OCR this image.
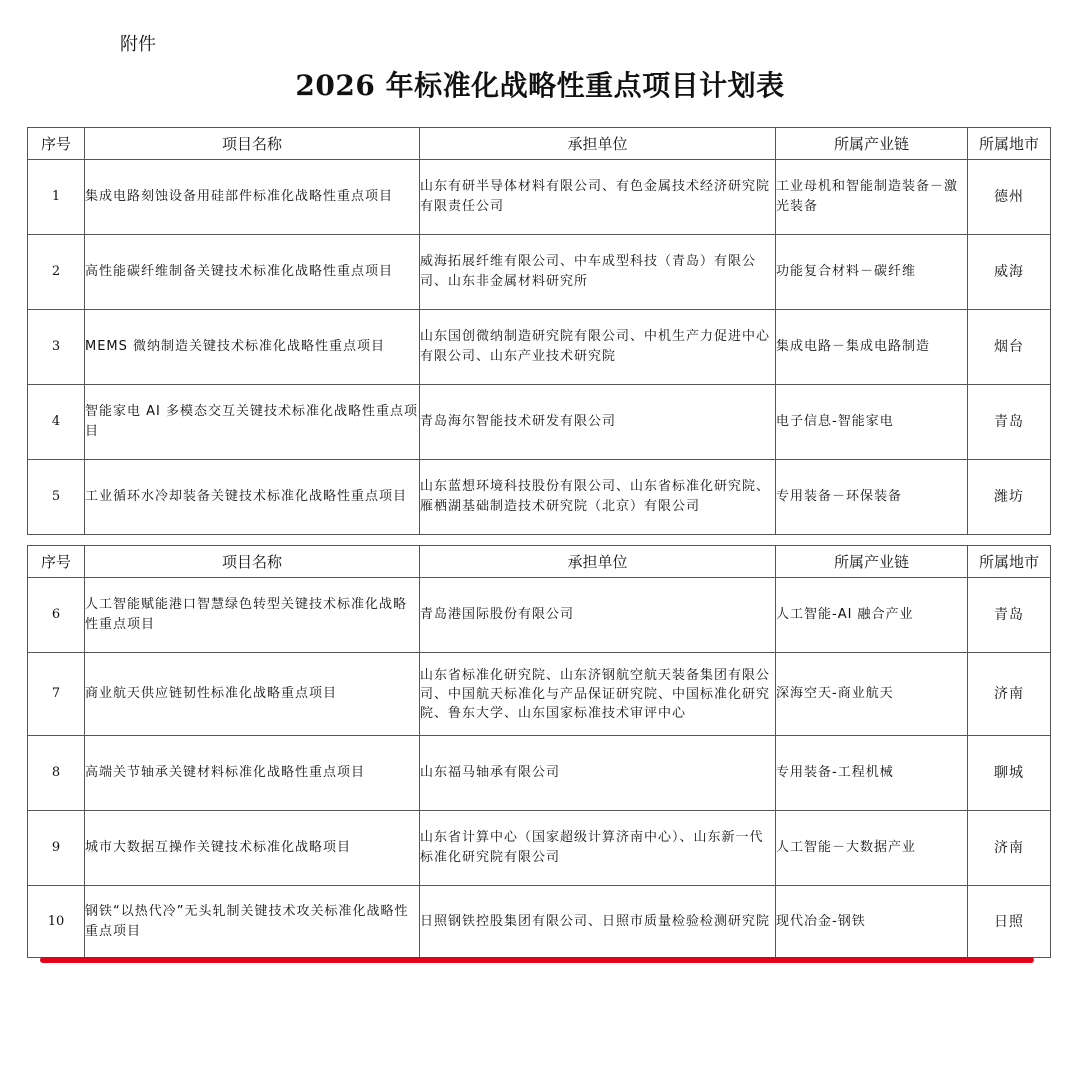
附件
2026 年标准化战略性重点项目计划表
序号	项目名称	承担单位	所属产业链	所属地市
1	集成电路刻蚀设备用硅部件标准化战略性重点项目	山东有研半导体材料有限公司、有色金属技术经济研究院有限责任公司	工业母机和智能制造装备－激光装备	德州
2	高性能碳纤维制备关键技术标准化战略性重点项目	威海拓展纤维有限公司、中车成型科技（青岛）有限公司、山东非金属材料研究所	功能复合材料－碳纤维	威海
3	MEMS 微纳制造关键技术标准化战略性重点项目	山东国创微纳制造研究院有限公司、中机生产力促进中心有限公司、山东产业技术研究院	集成电路－集成电路制造	烟台
4	智能家电 AI 多模态交互关键技术标准化战略性重点项目	青岛海尔智能技术研发有限公司	电子信息-智能家电	青岛
5	工业循环水冷却装备关键技术标准化战略性重点项目	山东蓝想环境科技股份有限公司、山东省标准化研究院、雁栖湖基础制造技术研究院（北京）有限公司	专用装备－环保装备	潍坊
序号	项目名称	承担单位	所属产业链	所属地市
6	人工智能赋能港口智慧绿色转型关键技术标准化战略性重点项目	青岛港国际股份有限公司	人工智能-AI 融合产业	青岛
7	商业航天供应链韧性标准化战略重点项目	山东省标准化研究院、山东济钢航空航天装备集团有限公司、中国航天标准化与产品保证研究院、中国标准化研究院、鲁东大学、山东国家标准技术审评中心	深海空天-商业航天	济南
8	高端关节轴承关键材料标准化战略性重点项目	山东福马轴承有限公司	专用装备-工程机械	聊城
9	城市大数据互操作关键技术标准化战略项目	山东省计算中心（国家超级计算济南中心）、山东新一代标准化研究院有限公司	人工智能－大数据产业	济南
10	钢铁“以热代冷”无头轧制关键技术攻关标准化战略性重点项目	日照钢铁控股集团有限公司、日照市质量检验检测研究院	现代冶金-钢铁	日照
